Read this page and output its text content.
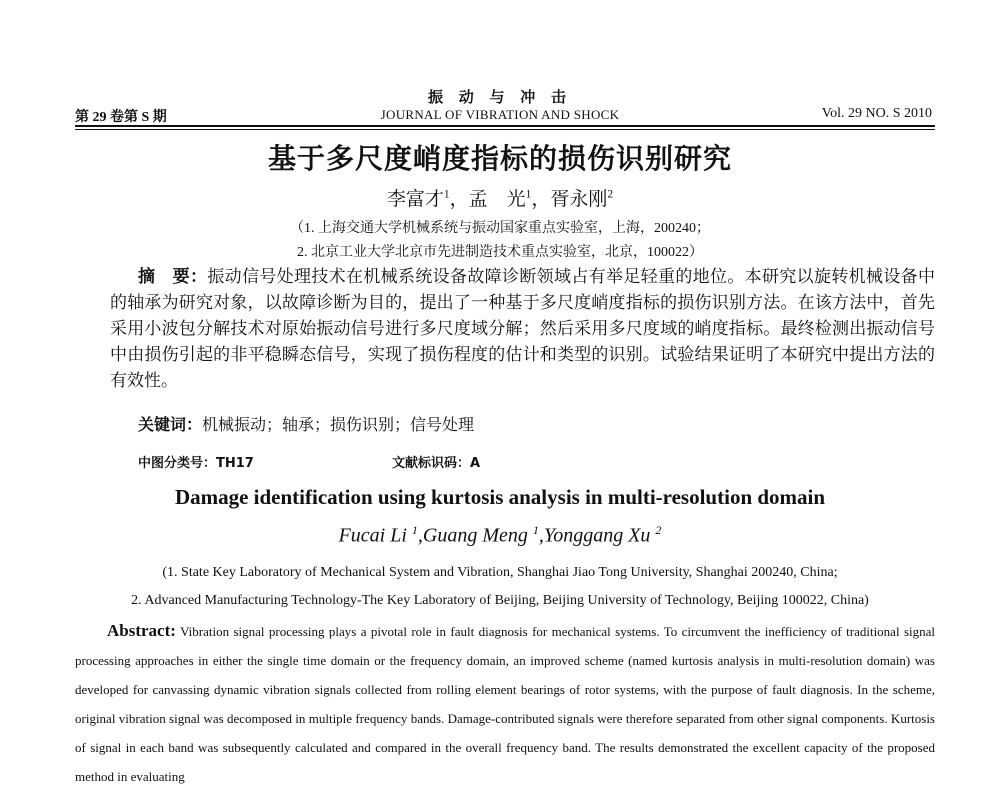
振 动 与 冲 击
第 29 卷第 S 期	JOURNAL OF VIBRATION AND SHOCK	Vol. 29 NO. S 2010
基于多尺度峭度指标的损伤识别研究
李富才$^1$，孟　光$^1$，胥永刚$^2$
（1. 上海交通大学机械系统与振动国家重点实验室，上海，200240；
2. 北京工业大学北京市先进制造技术重点实验室，北京，100022）

摘　要：振动信号处理技术在机械系统设备故障诊断领域占有举足轻重的地位。本研究以旋转机械设备中的轴承为研究对象，以故障诊断为目的，提出了一种基于多尺度峭度指标的损伤识别方法。在该方法中，首先采用小波包分解技术对原始振动信号进行多尺度域分解；然后采用多尺度域的峭度指标。最终检测出振动信号中由损伤引起的非平稳瞬态信号，实现了损伤程度的估计和类型的识别。试验结果证明了本研究中提出方法的有效性。

关键词：机械振动；轴承；损伤识别；信号处理
中图分类号：TH17	文献标识码：A
Damage identification using kurtosis analysis in multi-resolution domain
Fucai Li $^1$,Guang Meng $^1$,Yonggang Xu $^2$
(1. State Key Laboratory of Mechanical System and Vibration, Shanghai Jiao Tong University, Shanghai 200240, China;
2. Advanced Manufacturing Technology-The Key Laboratory of Beijing, Beijing University of Technology, Beijing 100022, China)

Abstract: Vibration signal processing plays a pivotal role in fault diagnosis for mechanical systems. To circumvent the inefficiency of traditional signal processing approaches in either the single time domain or the frequency domain, an improved scheme (named kurtosis analysis in multi-resolution domain) was developed for canvassing dynamic vibration signals collected from rolling element bearings of rotor systems, with the purpose of fault diagnosis. In the scheme, original vibration signal was decomposed in multiple frequency bands. Damage-contributed signals were therefore separated from other signal components. Kurtosis of signal in each band was subsequently calculated and compared in the overall frequency band. The results demonstrated the excellent capacity of the proposed method in evaluating
